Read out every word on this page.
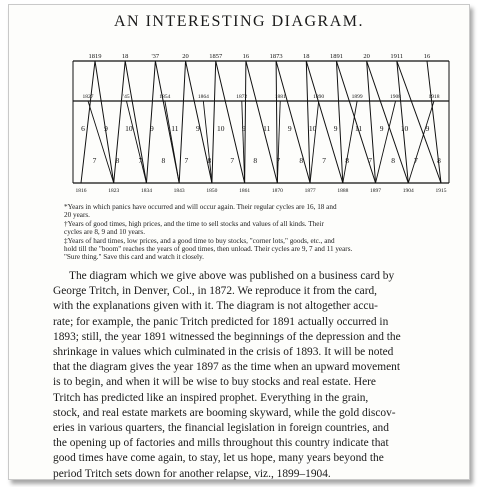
AN INTERESTING DIAGRAM.
1819	18	'37	20	1857	16	1873	18	1891	20	1911	16
1827	'45	1854	1864	1872	1881	1890	1899	1908	1918
1816	1823	1834	1843	1850	1861	1870	1877	1888	1897	1904	1915
6
7
9
8
10
7
9
8
11
7
9
8
10
7
9
8
11
7
9
8
10
7
9
8
11
7
9
8
10
7
9
8

*Years in which panics have occurred and will occur again. Their regular cycles are 16, 18 and

20 years.

†Years of good times, high prices, and the time to sell stocks and values of all kinds. Their

cycles are 8, 9 and 10 years.

‡Years of hard times, low prices, and a good time to buy stocks, "corner lots," goods, etc., and

hold till the "boom" reaches the years of good times, then unload. Their cycles are 9, 7 and 11 years.

"Sure thing." Save this card and watch it closely.

The diagram which we give above was published on a business card by
George Tritch, in Denver, Col., in 1872. We reproduce it from the card,
with the explanations given with it. The diagram is not altogether accu-
rate; for example, the panic Tritch predicted for 1891 actually occurred in
1893; still, the year 1891 witnessed the beginnings of the depression and the
shrinkage in values which culminated in the crisis of 1893. It will be noted
that the diagram gives the year 1897 as the time when an upward movement
is to begin, and when it will be wise to buy stocks and real estate. Here
Tritch has predicted like an inspired prophet. Everything in the grain,
stock, and real estate markets are booming skyward, while the gold discov-
eries in various quarters, the financial legislation in foreign countries, and
the opening up of factories and mills throughout this country indicate that
good times have come again, to stay, let us hope, many years beyond the
period Tritch sets down for another relapse, viz., 1899–1904.
